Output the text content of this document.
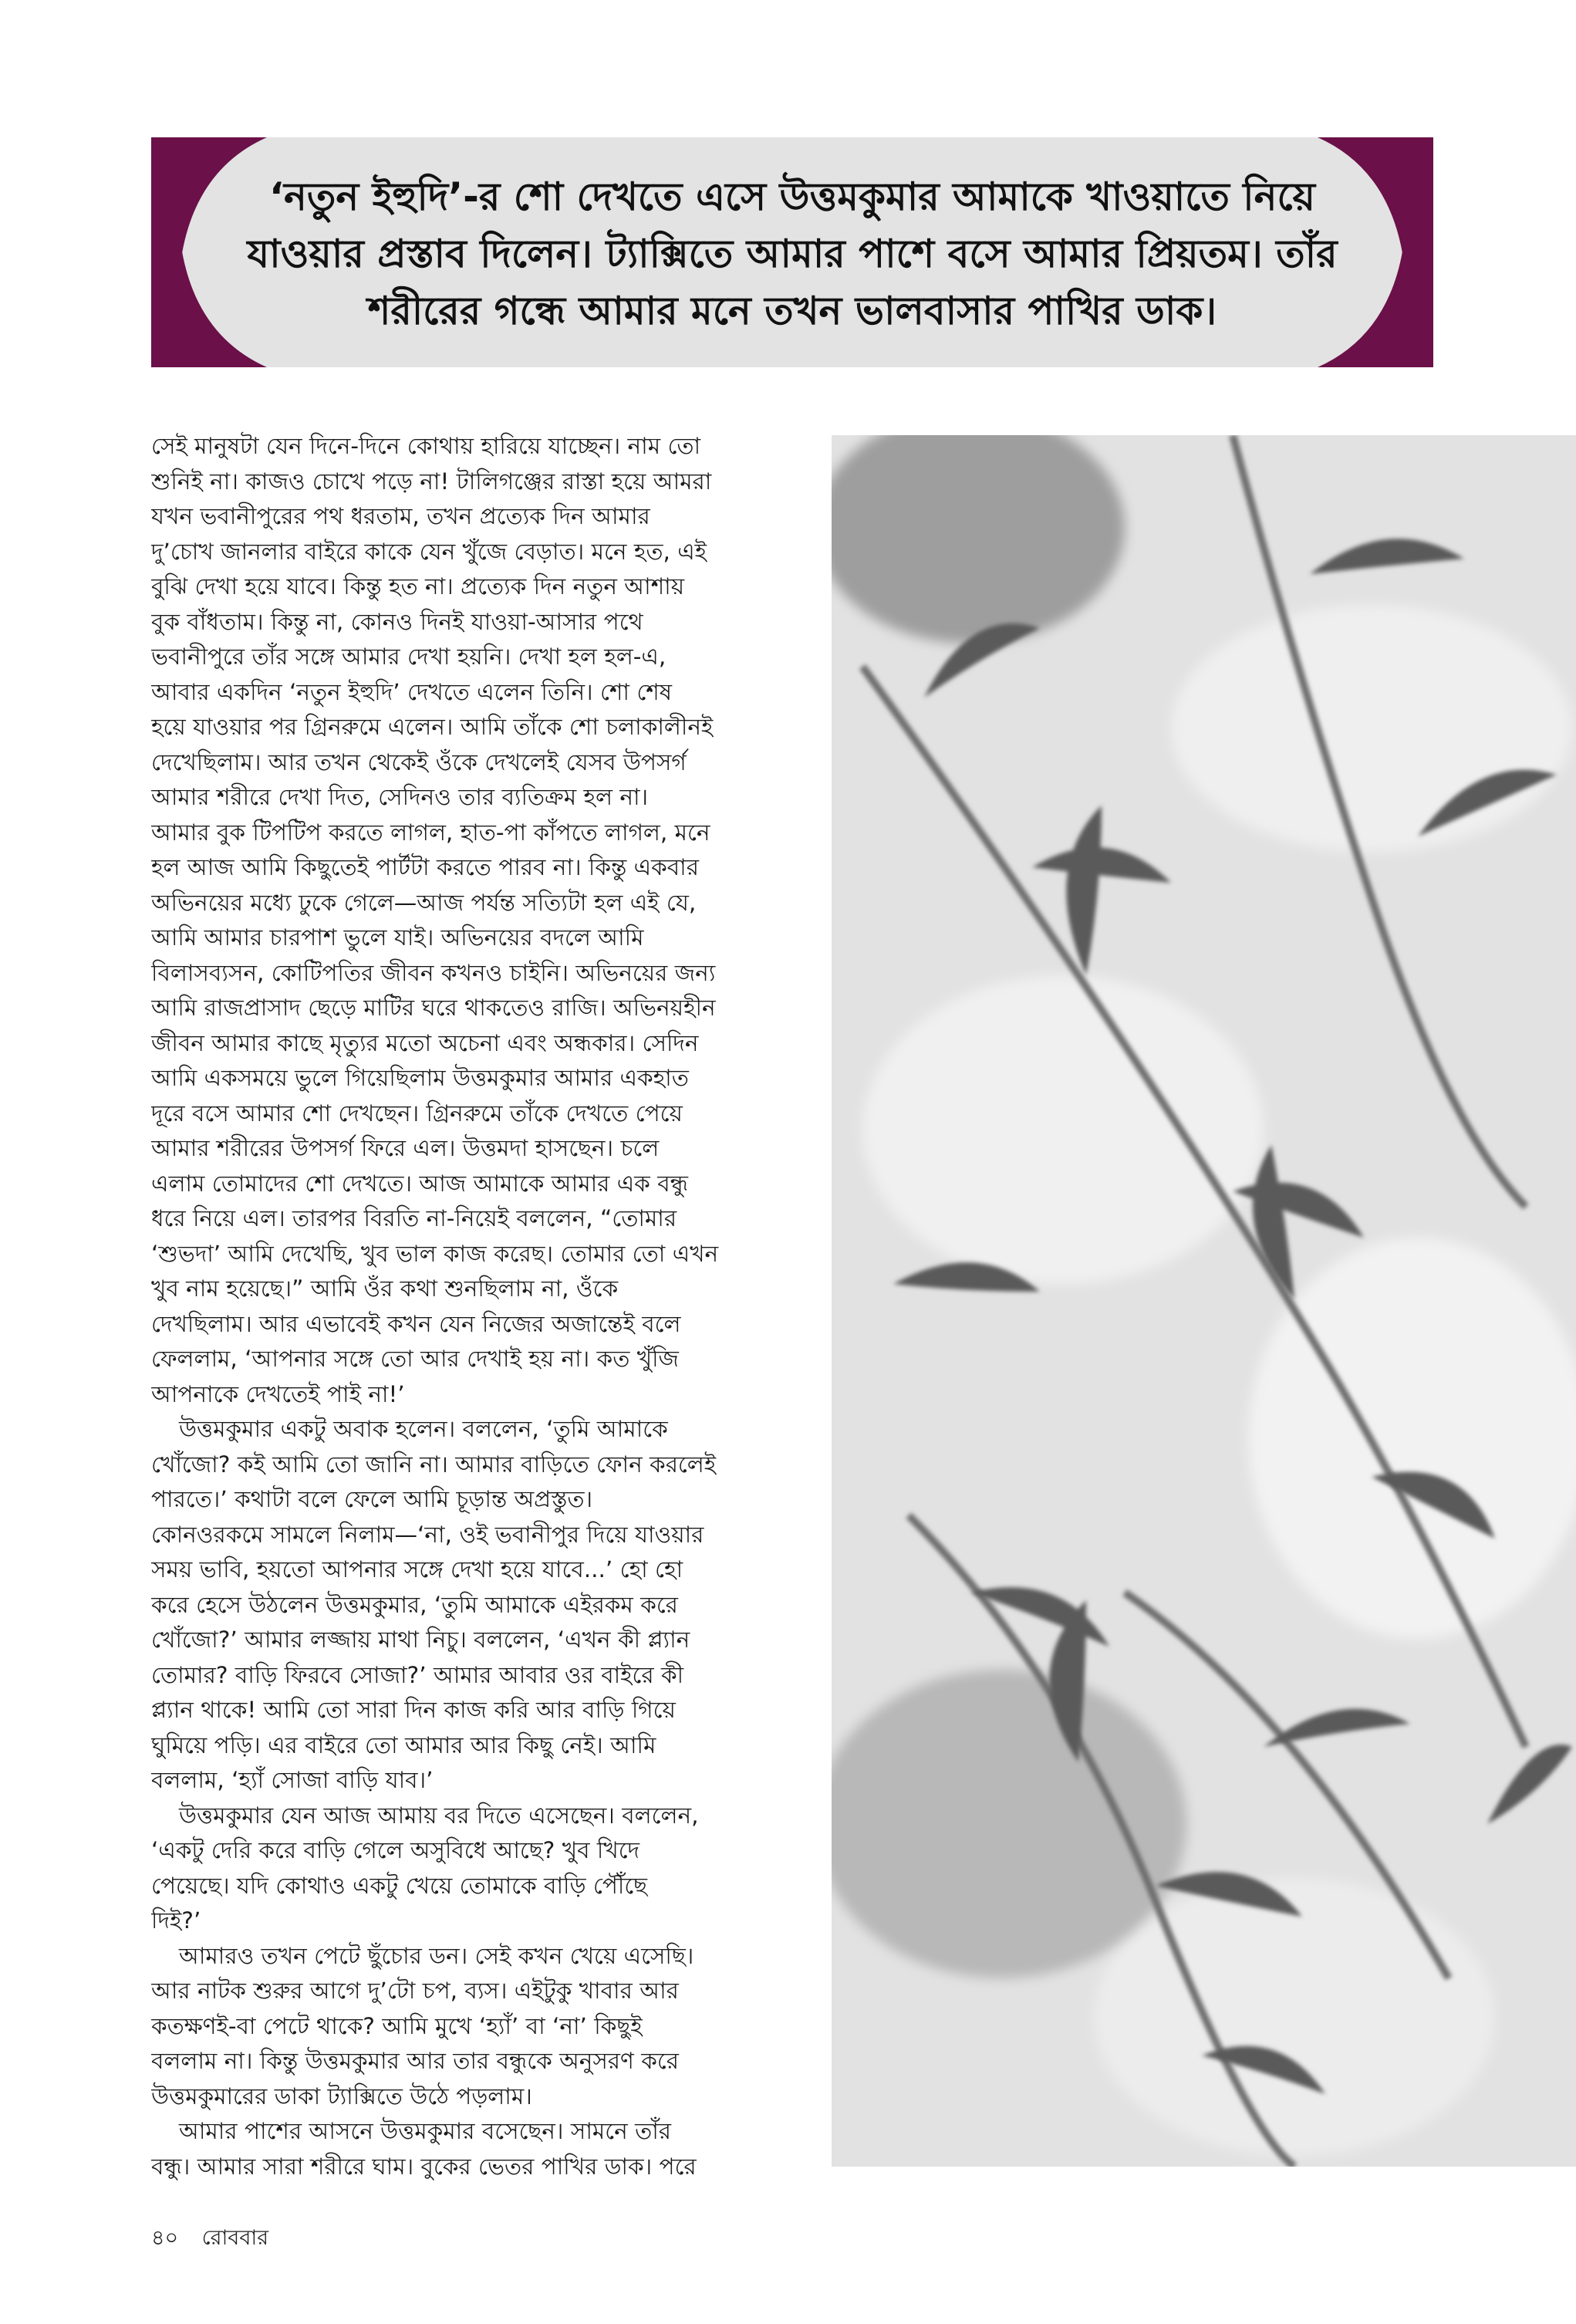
‘নতুন ইহুদি’-র শো দেখতে এসে উত্তমকুমার আমাকে খাওয়াতে নিয়ে
যাওয়ার প্রস্তাব দিলেন। ট্যাক্সিতে আমার পাশে বসে আমার প্রিয়তম। তাঁর
শরীরের গন্ধে আমার মনে তখন ভালবাসার পাখির ডাক।
সেই মানুষটা যেন দিনে-দিনে কোথায় হারিয়ে যাচ্ছেন। নাম তো
শুনিই না। কাজও চোখে পড়ে না! টালিগঞ্জের রাস্তা হয়ে আমরা
যখন ভবানীপুরের পথ ধরতাম, তখন প্রত্যেক দিন আমার
দু’চোখ জানলার বাইরে কাকে যেন খুঁজে বেড়াত। মনে হত, এই
বুঝি দেখা হয়ে যাবে। কিন্তু হত না। প্রত্যেক দিন নতুন আশায়
বুক বাঁধতাম। কিন্তু না, কোনও দিনই যাওয়া-আসার পথে
ভবানীপুরে তাঁর সঙ্গে আমার দেখা হয়নি। দেখা হল হল-এ,
আবার একদিন ‘নতুন ইহুদি’ দেখতে এলেন তিনি। শো শেষ
হয়ে যাওয়ার পর গ্রিনরুমে এলেন। আমি তাঁকে শো চলাকালীনই
দেখেছিলাম। আর তখন থেকেই ওঁকে দেখলেই যেসব উপসর্গ
আমার শরীরে দেখা দিত, সেদিনও তার ব্যতিক্রম হল না।
আমার বুক টিপটিপ করতে লাগল, হাত-পা কাঁপতে লাগল, মনে
হল আজ আমি কিছুতেই পার্টটা করতে পারব না। কিন্তু একবার
অভিনয়ের মধ্যে ঢুকে গেলে—আজ পর্যন্ত সত্যিটা হল এই যে,
আমি আমার চারপাশ ভুলে যাই। অভিনয়ের বদলে আমি
বিলাসব্যসন, কোটিপতির জীবন কখনও চাইনি। অভিনয়ের জন্য
আমি রাজপ্রাসাদ ছেড়ে মাটির ঘরে থাকতেও রাজি। অভিনয়হীন
জীবন আমার কাছে মৃত্যুর মতো অচেনা এবং অন্ধকার। সেদিন
আমি একসময়ে ভুলে গিয়েছিলাম উত্তমকুমার আমার একহাত
দূরে বসে আমার শো দেখছেন। গ্রিনরুমে তাঁকে দেখতে পেয়ে
আমার শরীরের উপসর্গ ফিরে এল। উত্তমদা হাসছেন। চলে
এলাম তোমাদের শো দেখতে। আজ আমাকে আমার এক বন্ধু
ধরে নিয়ে এল। তারপর বিরতি না-নিয়েই বললেন, “তোমার
‘শুভদা’ আমি দেখেছি, খুব ভাল কাজ করেছ। তোমার তো এখন
খুব নাম হয়েছে।” আমি ওঁর কথা শুনছিলাম না, ওঁকে
দেখছিলাম। আর এভাবেই কখন যেন নিজের অজান্তেই বলে
ফেললাম, ‘আপনার সঙ্গে তো আর দেখাই হয় না। কত খুঁজি
আপনাকে দেখতেই পাই না!’
উত্তমকুমার একটু অবাক হলেন। বললেন, ‘তুমি আমাকে
খোঁজো? কই আমি তো জানি না। আমার বাড়িতে ফোন করলেই
পারতে।’ কথাটা বলে ফেলে আমি চূড়ান্ত অপ্রস্তুত।
কোনওরকমে সামলে নিলাম—‘না, ওই ভবানীপুর দিয়ে যাওয়ার
সময় ভাবি, হয়তো আপনার সঙ্গে দেখা হয়ে যাবে...’ হো হো
করে হেসে উঠলেন উত্তমকুমার, ‘তুমি আমাকে এইরকম করে
খোঁজো?’ আমার লজ্জায় মাথা নিচু। বললেন, ‘এখন কী প্ল্যান
তোমার? বাড়ি ফিরবে সোজা?’ আমার আবার ওর বাইরে কী
প্ল্যান থাকে! আমি তো সারা দিন কাজ করি আর বাড়ি গিয়ে
ঘুমিয়ে পড়ি। এর বাইরে তো আমার আর কিছু নেই। আমি
বললাম, ‘হ্যাঁ সোজা বাড়ি যাব।’
উত্তমকুমার যেন আজ আমায় বর দিতে এসেছেন। বললেন,
‘একটু দেরি করে বাড়ি গেলে অসুবিধে আছে? খুব খিদে
পেয়েছে। যদি কোথাও একটু খেয়ে তোমাকে বাড়ি পৌঁছে
দিই?’
আমারও তখন পেটে ছুঁচোর ডন। সেই কখন খেয়ে এসেছি।
আর নাটক শুরুর আগে দু’টো চপ, ব্যস। এইটুকু খাবার আর
কতক্ষণই-বা পেটে থাকে? আমি মুখে ‘হ্যাঁ’ বা ‘না’ কিছুই
বললাম না। কিন্তু উত্তমকুমার আর তার বন্ধুকে অনুসরণ করে
উত্তমকুমারের ডাকা ট্যাক্সিতে উঠে পড়লাম।
আমার পাশের আসনে উত্তমকুমার বসেছেন। সামনে তাঁর
বন্ধু। আমার সারা শরীরে ঘাম। বুকের ভেতর পাখির ডাক। পরে
৪০ রোববার
